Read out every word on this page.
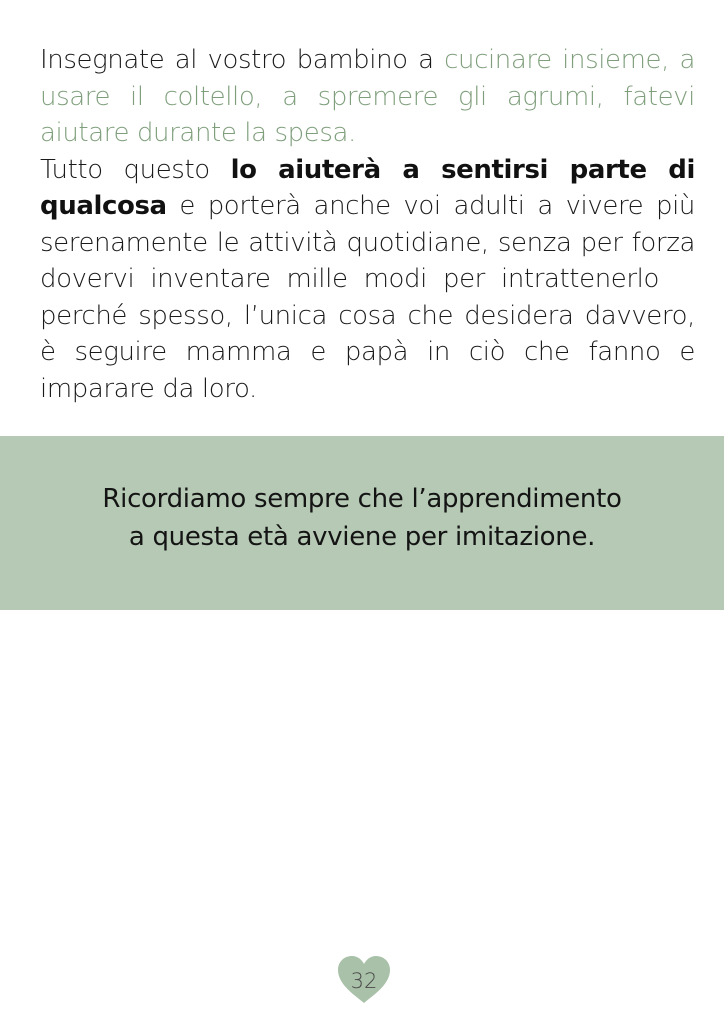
Insegnate al vostro bambino a cucinare insieme, a usare il coltello, a spremere gli agrumi, fatevi aiutare durante la spesa.

Tutto questo lo aiuterà a sentirsi parte di qualcosa e porterà anche voi adulti a vivere più serenamente le attività quotidiane, senza per forza dovervi inventare mille modi per intrattenerlo perché spesso, l’unica cosa che desidera davvero, è seguire mamma e papà in ciò che fanno e imparare da loro.

Ricordiamo sempre che l’apprendimento
a questa età avviene per imitazione.
32
